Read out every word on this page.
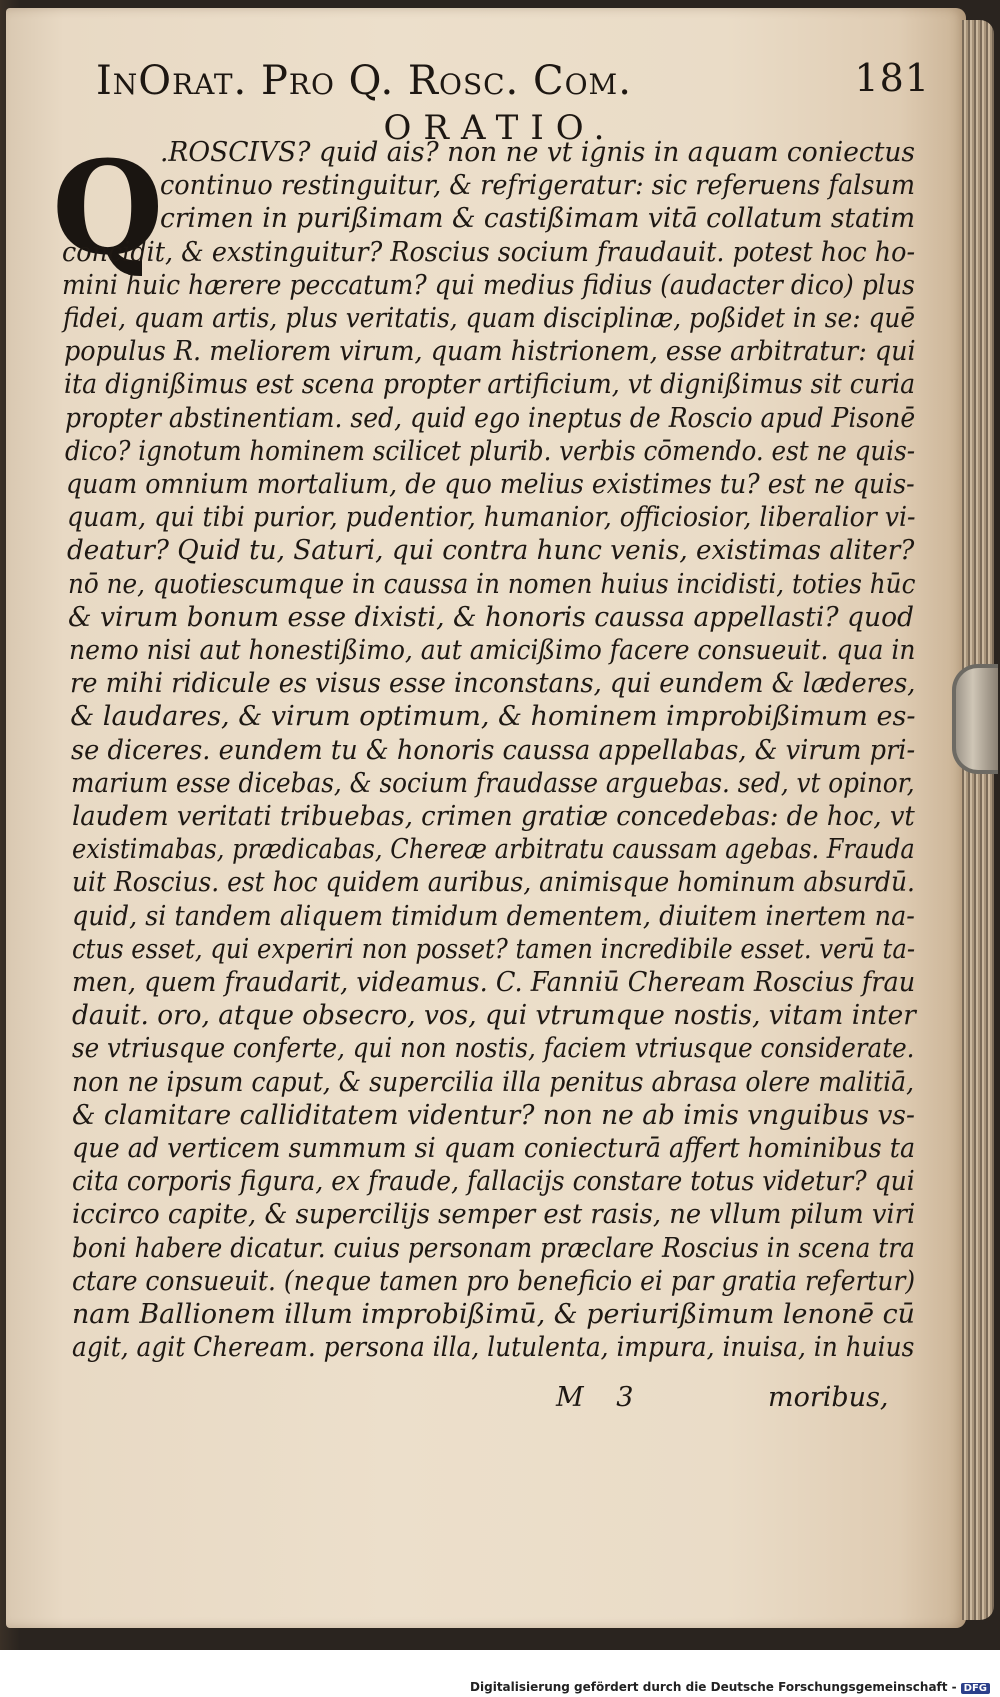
InOrat. Pro Q. Rosc. Com.	181
ORATIO.
Q
.ROSCIVS? quid ais? non ne vt ignis in aquam coniectus
continuo restinguitur, & refrigeratur: sic referuens falsum
crimen in purißimam & castißimam vitā collatum statim
concidit, & exstinguitur? Roscius socium fraudauit. potest hoc ho-
mini huic hærere peccatum? qui medius fidius (audacter dico) plus
fidei, quam artis, plus veritatis, quam disciplinæ, poßidet in se: quē
populus R. meliorem virum, quam histrionem, esse arbitratur: qui
ita dignißimus est scena propter artificium, vt dignißimus sit curia
propter abstinentiam. sed, quid ego ineptus de Roscio apud Pisonē
dico? ignotum hominem scilicet plurib. verbis cōmendo. est ne quis-
quam omnium mortalium, de quo melius existimes tu? est ne quis-
quam, qui tibi purior, pudentior, humanior, officiosior, liberalior vi-
deatur? Quid tu, Saturi, qui contra hunc venis, existimas aliter?
nō ne, quotiescumque in caussa in nomen huius incidisti, toties hūc
& virum bonum esse dixisti, & honoris caussa appellasti? quod
nemo nisi aut honestißimo, aut amicißimo facere consueuit. qua in
re mihi ridicule es visus esse inconstans, qui eundem & læderes,
& laudares, & virum optimum, & hominem improbißimum es-
se diceres. eundem tu & honoris caussa appellabas, & virum pri-
marium esse dicebas, & socium fraudasse arguebas. sed, vt opinor,
laudem veritati tribuebas, crimen gratiæ concedebas: de hoc, vt
existimabas, prædicabas, Chereæ arbitratu caussam agebas. Frauda
uit Roscius. est hoc quidem auribus, animisque hominum absurdū.
quid, si tandem aliquem timidum dementem, diuitem inertem na-
ctus esset, qui experiri non posset? tamen incredibile esset. verū ta-
men, quem fraudarit, videamus. C. Fanniū Cheream Roscius frau
dauit. oro, atque obsecro, vos, qui vtrumque nostis, vitam inter
se vtriusque conferte, qui non nostis, faciem vtriusque considerate.
non ne ipsum caput, & supercilia illa penitus abrasa olere malitiā,
& clamitare calliditatem videntur? non ne ab imis vnguibus vs-
que ad verticem summum si quam coniecturā affert hominibus ta
cita corporis figura, ex fraude, fallacijs constare totus videtur? qui
iccirco capite, & supercilijs semper est rasis, ne vllum pilum viri
boni habere dicatur. cuius personam præclare Roscius in scena tra
ctare consueuit. (neque tamen pro beneficio ei par gratia refertur)
nam Ballionem illum improbißimū, & periurißimum lenonē cū
agit, agit Cheream. persona illa, lutulenta, impura, inuisa, in huius
M 3	moribus,
Digitalisierung gefördert durch die Deutsche Forschungsgemeinschaft - DFG
